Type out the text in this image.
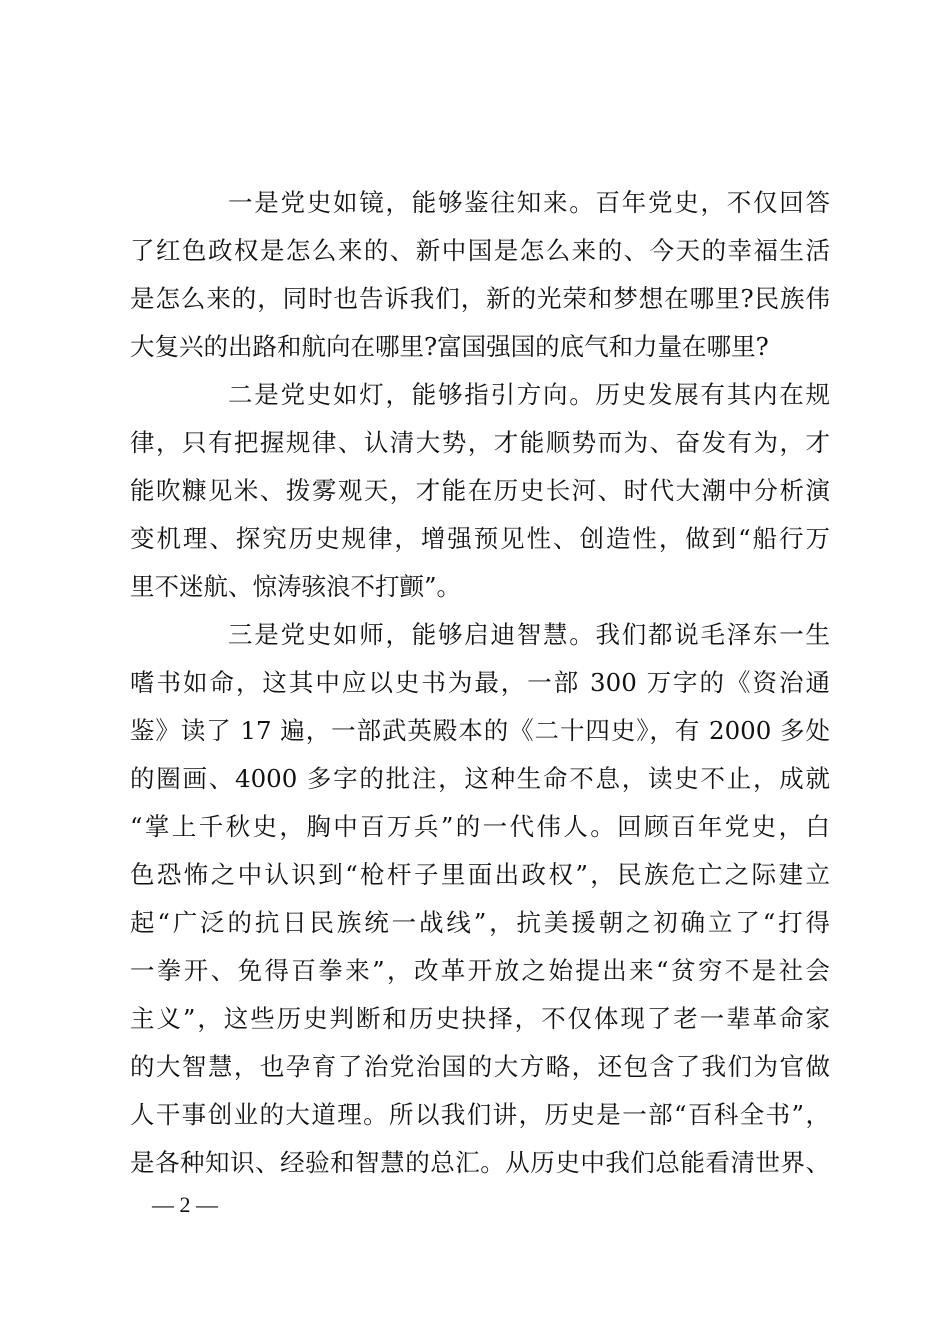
一是党史如镜，能够鉴往知来。百年党史，不仅回答
了红色政权是怎么来的、新中国是怎么来的、今天的幸福生活
是怎么来的，同时也告诉我们，新的光荣和梦想在哪里?民族伟
大复兴的出路和航向在哪里?富国强国的底气和力量在哪里?
二是党史如灯，能够指引方向。历史发展有其内在规
律，只有把握规律、认清大势，才能顺势而为、奋发有为，才
能吹糠见米、拨雾观天，才能在历史长河、时代大潮中分析演
变机理、探究历史规律，增强预见性、创造性，做到“船行万
里不迷航、惊涛骇浪不打颤”。
三是党史如师，能够启迪智慧。我们都说毛泽东一生
嗜书如命，这其中应以史书为最，一部 300 万字的《资治通
鉴》读了 17 遍，一部武英殿本的《二十四史》，有 2000 多处
的圈画、4000 多字的批注，这种生命不息，读史不止，成就
“掌上千秋史，胸中百万兵”的一代伟人。回顾百年党史，白
色恐怖之中认识到“枪杆子里面出政权”，民族危亡之际建立
起“广泛的抗日民族统一战线”，抗美援朝之初确立了“打得
一拳开、免得百拳来”，改革开放之始提出来“贫穷不是社会
主义”，这些历史判断和历史抉择，不仅体现了老一辈革命家
的大智慧，也孕育了治党治国的大方略，还包含了我们为官做
人干事创业的大道理。所以我们讲，历史是一部“百科全书”，
是各种知识、经验和智慧的总汇。从历史中我们总能看清世界、
— 2 —
